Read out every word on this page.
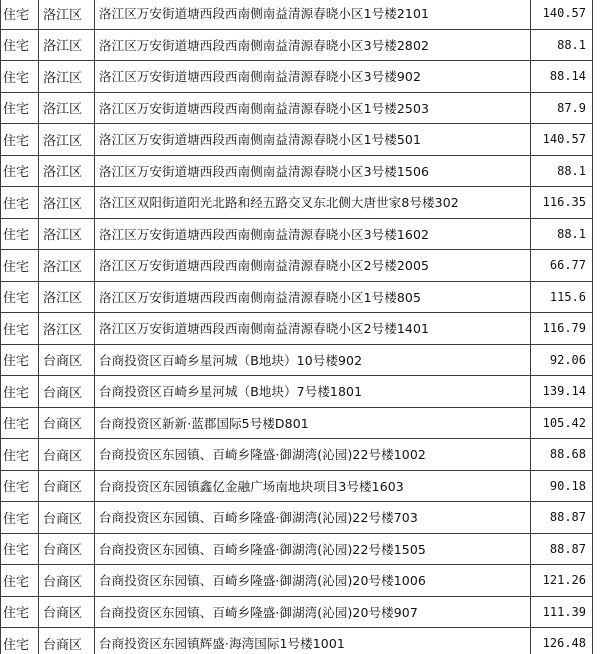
住宅	洛江区	洛江区万安街道塘西段西南侧南益清源春晓小区1号楼2101	140.57
住宅	洛江区	洛江区万安街道塘西段西南侧南益清源春晓小区3号楼2802	88.1
住宅	洛江区	洛江区万安街道塘西段西南侧南益清源春晓小区3号楼902	88.14
住宅	洛江区	洛江区万安街道塘西段西南侧南益清源春晓小区1号楼2503	87.9
住宅	洛江区	洛江区万安街道塘西段西南侧南益清源春晓小区1号楼501	140.57
住宅	洛江区	洛江区万安街道塘西段西南侧南益清源春晓小区3号楼1506	88.1
住宅	洛江区	洛江区双阳街道阳光北路和经五路交叉东北侧大唐世家8号楼302	116.35
住宅	洛江区	洛江区万安街道塘西段西南侧南益清源春晓小区3号楼1602	88.1
住宅	洛江区	洛江区万安街道塘西段西南侧南益清源春晓小区2号楼2005	66.77
住宅	洛江区	洛江区万安街道塘西段西南侧南益清源春晓小区1号楼805	115.6
住宅	洛江区	洛江区万安街道塘西段西南侧南益清源春晓小区2号楼1401	116.79
住宅	台商区	台商投资区百崎乡星河城（B地块）10号楼902	92.06
住宅	台商区	台商投资区百崎乡星河城（B地块）7号楼1801	139.14
住宅	台商区	台商投资区新新·蓝郡国际5号楼D801	105.42
住宅	台商区	台商投资区东园镇、百崎乡隆盛·御湖湾(沁园)22号楼1002	88.68
住宅	台商区	台商投资区东园镇鑫亿金融广场南地块项目3号楼1603	90.18
住宅	台商区	台商投资区东园镇、百崎乡隆盛·御湖湾(沁园)22号楼703	88.87
住宅	台商区	台商投资区东园镇、百崎乡隆盛·御湖湾(沁园)22号楼1505	88.87
住宅	台商区	台商投资区东园镇、百崎乡隆盛·御湖湾(沁园)20号楼1006	121.26
住宅	台商区	台商投资区东园镇、百崎乡隆盛·御湖湾(沁园)20号楼907	111.39
住宅	台商区	台商投资区东园镇辉盛·海湾国际1号楼1001	126.48
